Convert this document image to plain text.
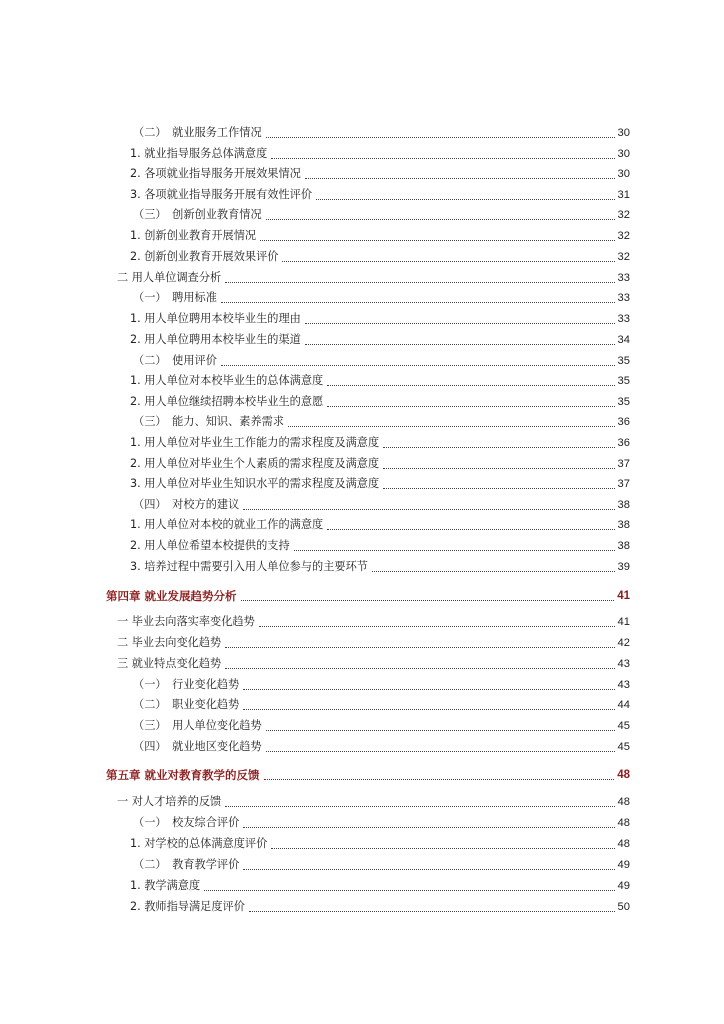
（二）　就业服务工作情况	30
1. 就业指导服务总体满意度	30
2. 各项就业指导服务开展效果情况	30
3. 各项就业指导服务开展有效性评价	31
（三）　创新创业教育情况	32
1. 创新创业教育开展情况	32
2. 创新创业教育开展效果评价	32
二 用人单位调查分析	33
（一）　聘用标准	33
1. 用人单位聘用本校毕业生的理由	33
2. 用人单位聘用本校毕业生的渠道	34
（二）　使用评价	35
1. 用人单位对本校毕业生的总体满意度	35
2. 用人单位继续招聘本校毕业生的意愿	35
（三）　能力、知识、素养需求	36
1. 用人单位对毕业生工作能力的需求程度及满意度	36
2. 用人单位对毕业生个人素质的需求程度及满意度	37
3. 用人单位对毕业生知识水平的需求程度及满意度	37
（四）　对校方的建议	38
1. 用人单位对本校的就业工作的满意度	38
2. 用人单位希望本校提供的支持	38
3. 培养过程中需要引入用人单位参与的主要环节	39
第四章 就业发展趋势分析	41
一 毕业去向落实率变化趋势	41
二 毕业去向变化趋势	42
三 就业特点变化趋势	43
（一）　行业变化趋势	43
（二）　职业变化趋势	44
（三）　用人单位变化趋势	45
（四）　就业地区变化趋势	45
第五章 就业对教育教学的反馈	48
一 对人才培养的反馈	48
（一）　校友综合评价	48
1. 对学校的总体满意度评价	48
（二）　教育教学评价	49
1. 教学满意度	49
2. 教师指导满足度评价	50
